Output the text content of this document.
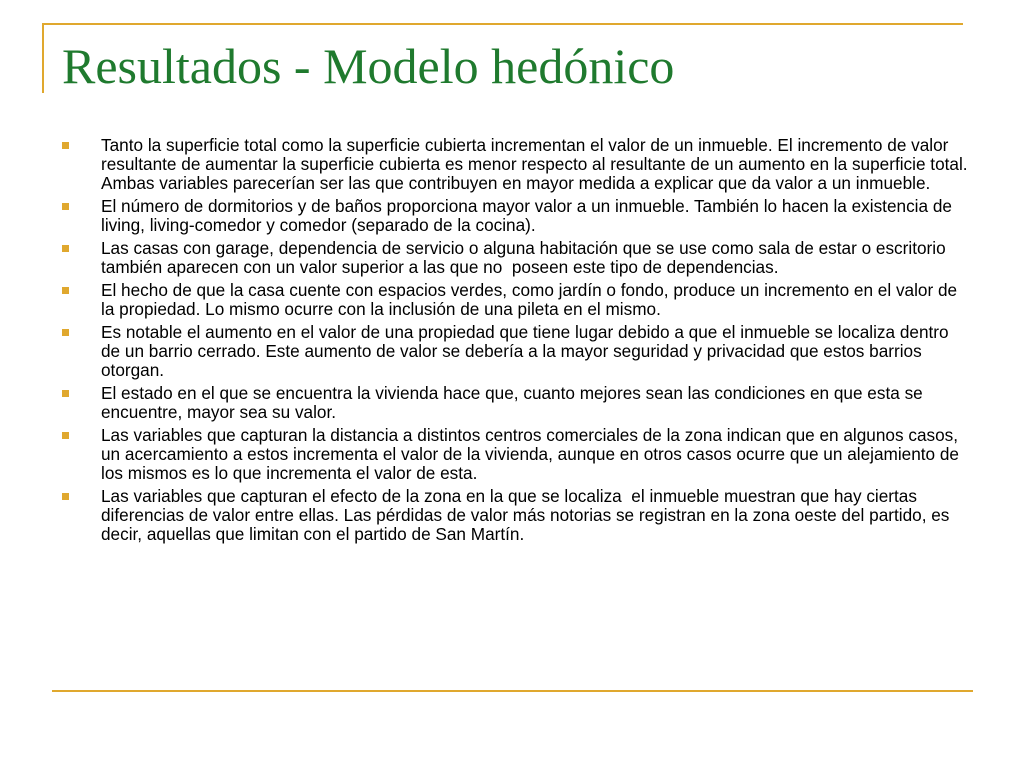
Resultados - Modelo hedónico
Tanto la superficie total como la superficie cubierta incrementan el valor de un inmueble. El incremento de valor resultante de aumentar la superficie cubierta es menor respecto al resultante de un aumento en la superficie total. Ambas variables parecerían ser las que contribuyen en mayor medida a explicar que da valor a un inmueble.
El número de dormitorios y de baños proporciona mayor valor a un inmueble. También lo hacen la existencia de living, living-comedor y comedor (separado de la cocina).
Las casas con garage, dependencia de servicio o alguna habitación que se use como sala de estar o escritorio también aparecen con un valor superior a las que no  poseen este tipo de dependencias.
El hecho de que la casa cuente con espacios verdes, como jardín o fondo, produce un incremento en el valor de la propiedad. Lo mismo ocurre con la inclusión de una pileta en el mismo.
Es notable el aumento en el valor de una propiedad que tiene lugar debido a que el inmueble se localiza dentro de un barrio cerrado. Este aumento de valor se debería a la mayor seguridad y privacidad que estos barrios otorgan.
El estado en el que se encuentra la vivienda hace que, cuanto mejores sean las condiciones en que esta se encuentre, mayor sea su valor.
Las variables que capturan la distancia a distintos centros comerciales de la zona indican que en algunos casos, un acercamiento a estos incrementa el valor de la vivienda, aunque en otros casos ocurre que un alejamiento de los mismos es lo que incrementa el valor de esta.
Las variables que capturan el efecto de la zona en la que se localiza  el inmueble muestran que hay ciertas diferencias de valor entre ellas. Las pérdidas de valor más notorias se registran en la zona oeste del partido, es decir, aquellas que limitan con el partido de San Martín.
